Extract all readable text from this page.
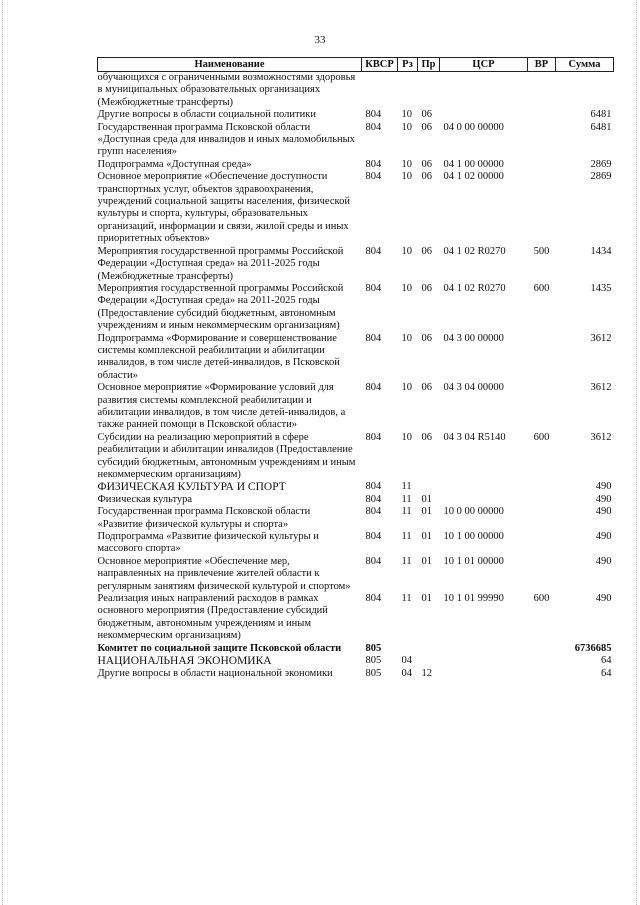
33
Наименование	КВСР	Рз	Пр	ЦСР	ВР	Сумма
обучающихся с ограниченными возможностями здоровья в муниципальных образовательных организациях (Межбюджетные трансферты)						
Другие вопросы в области социальной политики	804	10	06			6481
Государственная программа Псковской области «Доступная среда для инвалидов и иных маломобильных групп населения»	804	10	06	04 0 00 00000		6481
Подпрограмма «Доступная среда»	804	10	06	04 1 00 00000		2869
Основное мероприятие «Обеспечение доступности транспортных услуг, объектов здравоохранения, учреждений социальной защиты населения, физической культуры и спорта, культуры, образовательных организаций, информации и связи, жилой среды и иных приоритетных объектов»	804	10	06	04 1 02 00000		2869
Мероприятия государственной программы Российской Федерации «Доступная среда» на 2011-2025 годы (Межбюджетные трансферты)	804	10	06	04 1 02 R0270	500	1434
Мероприятия государственной программы Российской Федерации «Доступная среда» на 2011-2025 годы (Предоставление субсидий бюджетным, автономным учреждениям и иным некоммерческим организациям)	804	10	06	04 1 02 R0270	600	1435
Подпрограмма «Формирование и совершенствование системы комплексной реабилитации и абилитации инвалидов, в том числе детей-инвалидов, в Псковской области»	804	10	06	04 3 00 00000		3612
Основное мероприятие «Формирование условий для развития системы комплексной реабилитации и абилитации инвалидов, в том числе детей-инвалидов, а также ранней помощи в Псковской области»	804	10	06	04 3 04 00000		3612
Субсидии на реализацию мероприятий в сфере реабилитации и абилитации инвалидов (Предоставление субсидий бюджетным, автономным учреждениям и иным некоммерческим организациям)	804	10	06	04 3 04 R5140	600	3612
ФИЗИЧЕСКАЯ КУЛЬТУРА И СПОРТ	804	11				490
Физическая культура	804	11	01			490
Государственная программа Псковской области «Развитие физической культуры и спорта»	804	11	01	10 0 00 00000		490
Подпрограмма «Развитие физической культуры и массового спорта»	804	11	01	10 1 00 00000		490
Основное мероприятие «Обеспечение мер, направленных на привлечение жителей области к регулярным занятиям физической культурой и спортом»	804	11	01	10 1 01 00000		490
Реализация иных направлений расходов в рамках основного мероприятия (Предоставление субсидий бюджетным, автономным учреждениям и иным некоммерческим организациям)	804	11	01	10 1 01 99990	600	490
Комитет по социальной защите Псковской области	805					6736685
НАЦИОНАЛЬНАЯ ЭКОНОМИКА	805	04				64
Другие вопросы в области национальной экономики	805	04	12			64
